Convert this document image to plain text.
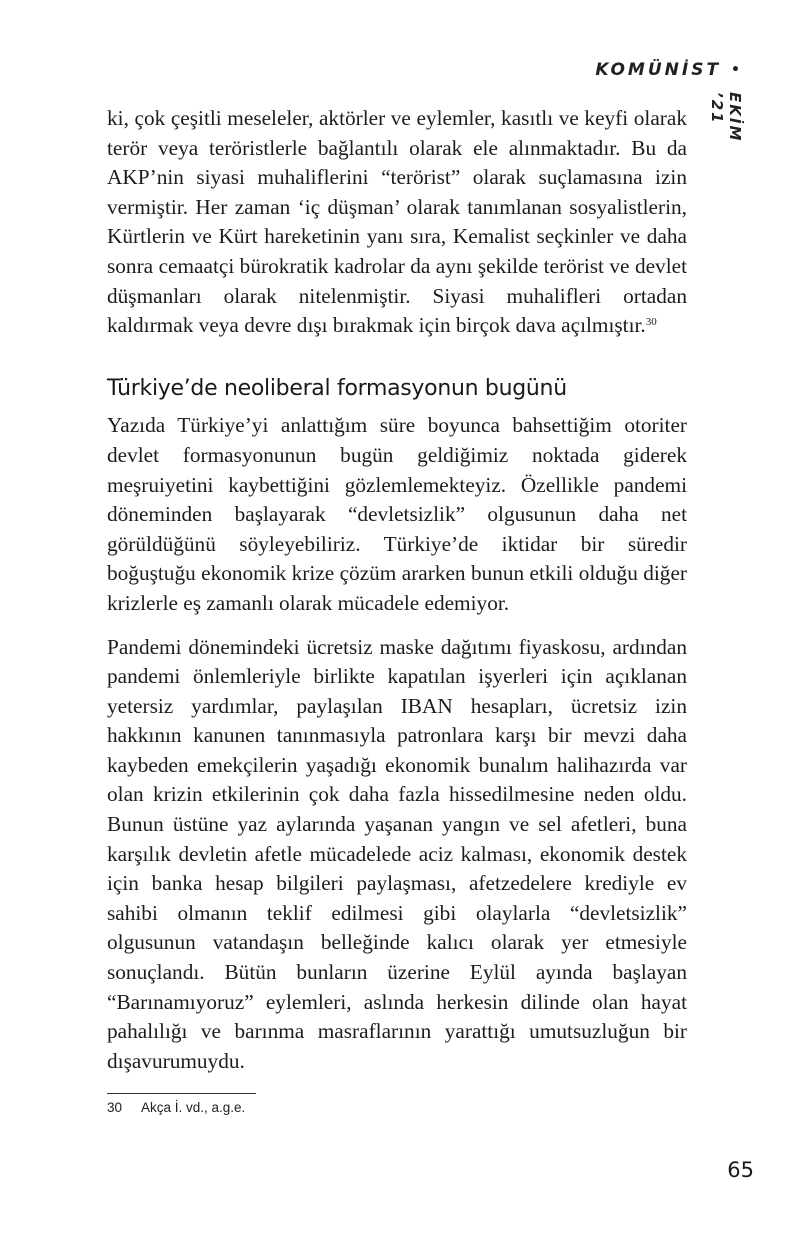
KOMÜNİST •
EKİM ’21

ki, çok çeşitli meseleler, aktörler ve eylemler, kasıtlı ve keyfi olarak terör veya teröristlerle bağlantılı olarak ele alınmaktadır. Bu da AKP’nin siyasi muhaliflerini “terörist” olarak suçlamasına izin vermiştir. Her zaman ‘iç düşman’ olarak tanımlanan sosyalistlerin, Kürtlerin ve Kürt hareketinin yanı sıra, Kemalist seçkinler ve daha sonra cemaatçi bürokratik kadrolar da aynı şekilde terörist ve devlet düşmanları olarak nitelenmiştir. Siyasi muhalifleri ortadan kaldırmak veya devre dışı bırakmak için birçok dava açılmıştır.$^{30}$

Türkiye’de neoliberal formasyonun bugünü

Yazıda Türkiye’yi anlattığım süre boyunca bahsettiğim otoriter devlet formasyonunun bugün geldiğimiz noktada giderek meşruiyetini kaybettiğini gözlemlemekteyiz. Özellikle pandemi döneminden başlayarak “devletsizlik” olgusunun daha net görüldüğünü söyleyebiliriz. Türkiye’de iktidar bir süredir boğuştuğu ekonomik krize çözüm ararken bunun etkili olduğu diğer krizlerle eş zamanlı olarak mücadele edemiyor.

Pandemi dönemindeki ücretsiz maske dağıtımı fiyaskosu, ardından pandemi önlemleriyle birlikte kapatılan işyerleri için açıklanan yetersiz yardımlar, paylaşılan IBAN hesapları, ücretsiz izin hakkının kanunen tanınmasıyla patronlara karşı bir mevzi daha kaybeden emekçilerin yaşadığı ekonomik bunalım halihazırda var olan krizin etkilerinin çok daha fazla hissedilmesine neden oldu. Bunun üstüne yaz aylarında yaşanan yangın ve sel afetleri, buna karşılık devletin afetle mücadelede aciz kalması, ekonomik destek için banka hesap bilgileri paylaşması, afetzedelere krediyle ev sahibi olmanın teklif edilmesi gibi olaylarla “devletsizlik” olgusunun vatandaşın belleğinde kalıcı olarak yer etmesiyle sonuçlandı. Bütün bunların üzerine Eylül ayında başlayan “Barınamıyoruz” eylemleri, aslında herkesin dilinde olan hayat pahalılığı ve barınma masraflarının yarattığı umutsuzluğun bir dışavurumuydu.

30 Akça İ. vd., a.g.e.
65
